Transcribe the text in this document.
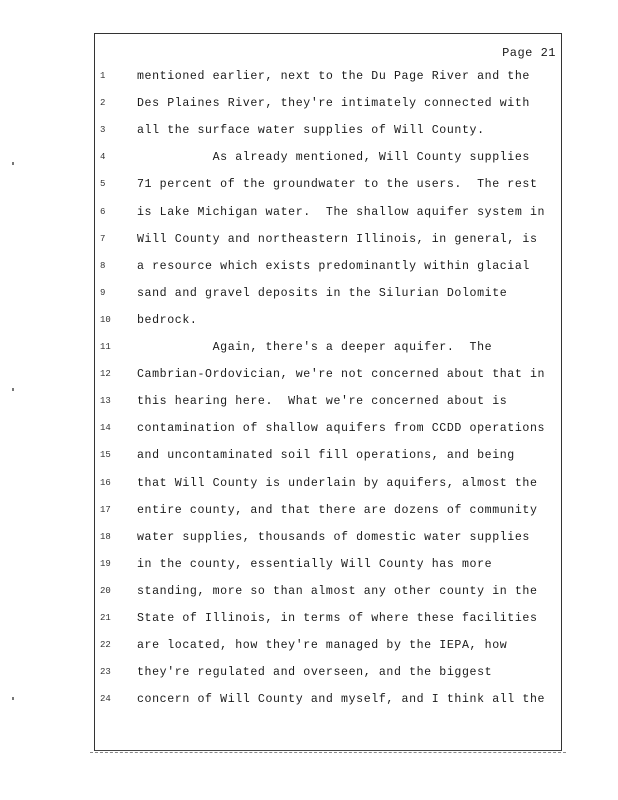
Page 21
1	mentioned earlier, next to the Du Page River and the
2	Des Plaines River, they're intimately connected with
3	all the surface water supplies of Will County.
4	As already mentioned, Will County supplies
5	71 percent of the groundwater to the users.  The rest
6	is Lake Michigan water.  The shallow aquifer system in
7	Will County and northeastern Illinois, in general, is
8	a resource which exists predominantly within glacial
9	sand and gravel deposits in the Silurian Dolomite
10	bedrock.
11	Again, there's a deeper aquifer.  The
12	Cambrian-Ordovician, we're not concerned about that in
13	this hearing here.  What we're concerned about is
14	contamination of shallow aquifers from CCDD operations
15	and uncontaminated soil fill operations, and being
16	that Will County is underlain by aquifers, almost the
17	entire county, and that there are dozens of community
18	water supplies, thousands of domestic water supplies
19	in the county, essentially Will County has more
20	standing, more so than almost any other county in the
21	State of Illinois, in terms of where these facilities
22	are located, how they're managed by the IEPA, how
23	they're regulated and overseen, and the biggest
24	concern of Will County and myself, and I think all the
